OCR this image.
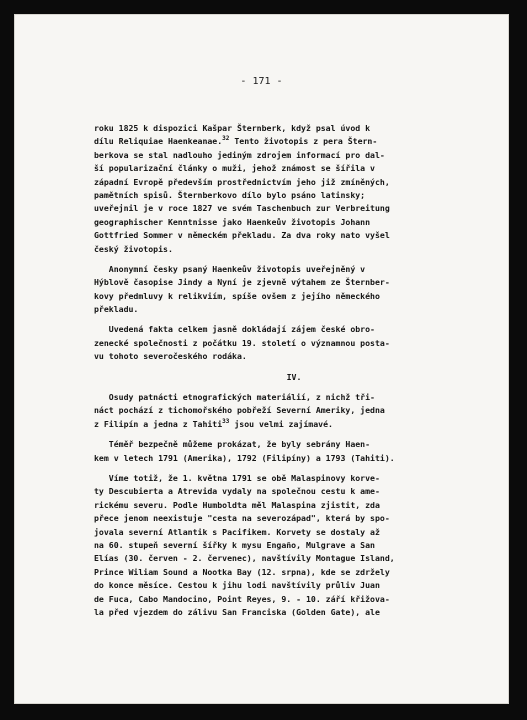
- 171 -
roku 1825 k dispozici Kašpar Šternberk, když psal úvod k
dílu Reliquiae Haenkeanae.$^{32}$ Tento životopis z pera Štern-
berkova se stal nadlouho jediným zdrojem informací pro dal-
ší popularizační články o muži, jehož známost se šířila v
západní Evropě především prostřednictvím jeho již zmíněných,
pamětních spisů. Šternberkovo dílo bylo psáno latinsky;
uveřejnil je v roce 1827 ve svém Taschenbuch zur Verbreitung
geographischer Kenntnisse jako Haenkeův životopis Johann
Gottfried Sommer v německém překladu. Za dva roky nato vyšel
český životopis.
Anonymní česky psaný Haenkeův životopis uveřejněný v
Hýblově časopise Jindy a Nyní je zjevně výtahem ze Šternber-
kovy předmluvy k relikviím, spíše ovšem z jejího německého
překladu.
Uvedená fakta celkem jasně dokládají zájem české obro-
zenecké společnosti z počátku 19. století o významnou posta-
vu tohoto severočeského rodáka.
IV.
Osudy patnácti etnografických materiálií, z nichž tři-
náct pochází z tichomořského pobřeží Severní Ameriky, jedna
z Filipín a jedna z Tahiti$^{33}$ jsou velmi zajímavé.
Téměř bezpečně můžeme prokázat, že byly sebrány Haen-
kem v letech 1791 (Amerika), 1792 (Filipíny) a 1793 (Tahiti).
Víme totiž, že 1. května 1791 se obě Malaspinovy korve-
ty Descubierta a Atrevida vydaly na společnou cestu k ame-
rickému severu. Podle Humboldta měl Malaspina zjistit, zda
přece jenom neexistuje "cesta na severozápad", která by spo-
jovala severní Atlantik s Pacifikem. Korvety se dostaly až
na 60. stupeň severní šířky k mysu Engaño, Mulgrave a San
Elías (30. červen - 2. červenec), navštívily Montague Island,
Prince Wiliam Sound a Nootka Bay (12. srpna), kde se zdržely
do konce měsíce. Cestou k jihu lodi navštívily průliv Juan
de Fuca, Cabo Mandocino, Point Reyes, 9. - 10. září křižova-
la před vjezdem do zálivu San Franciska (Golden Gate), ale
